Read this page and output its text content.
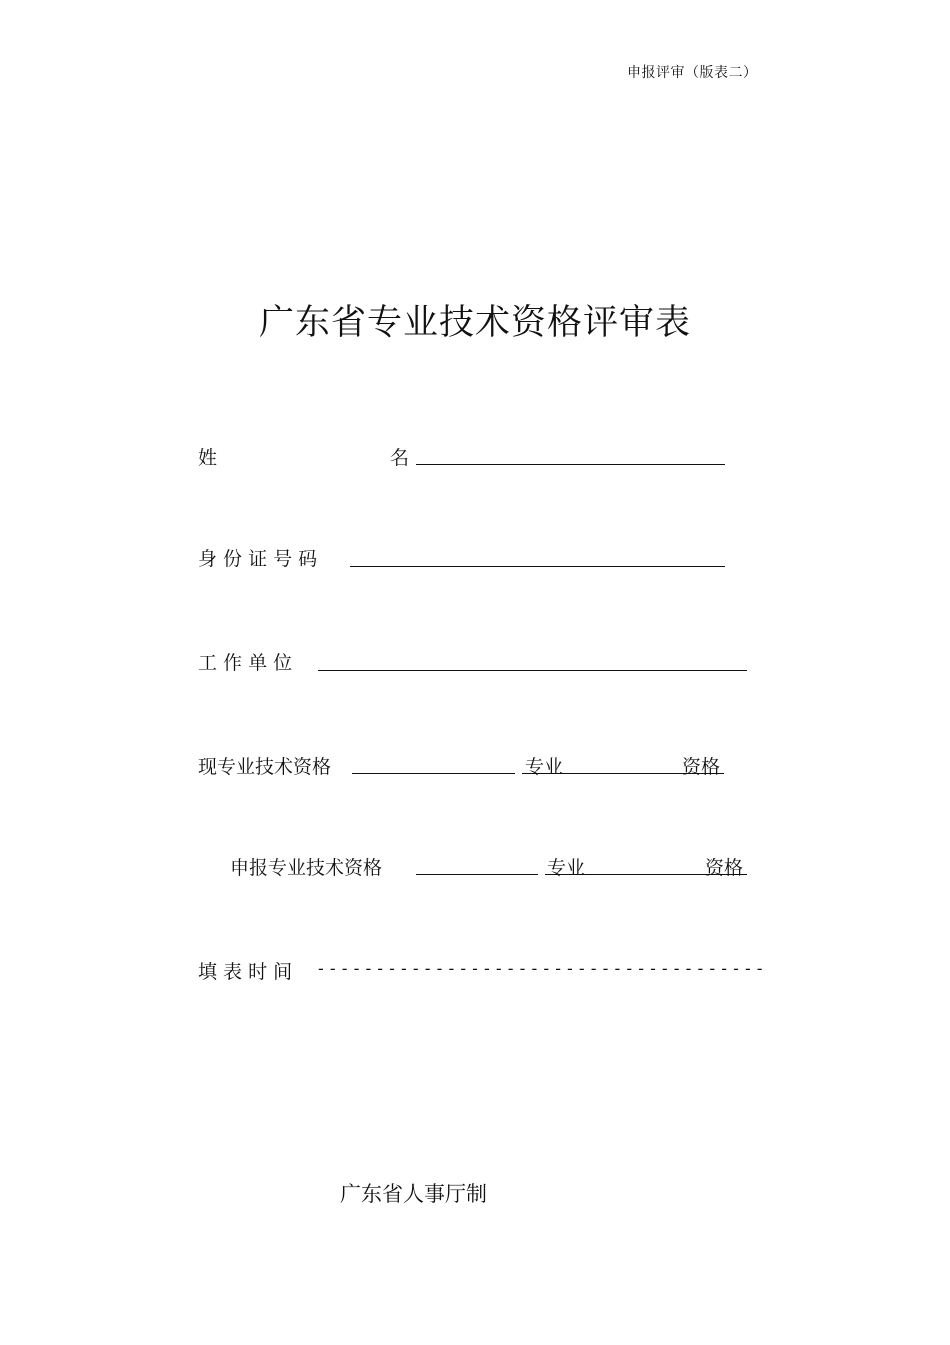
申报评审（版表二）
广东省专业技术资格评审表
姓	名
身 份 证 号 码
工 作 单 位
现专业技术资格	专业	资格
申报专业技术资格	专业	资格
填 表 时 间 - - - - - - - - - - - - - - - - - - - - - - - - - - - - - - - - - - - - - -
广东省人事厅制
